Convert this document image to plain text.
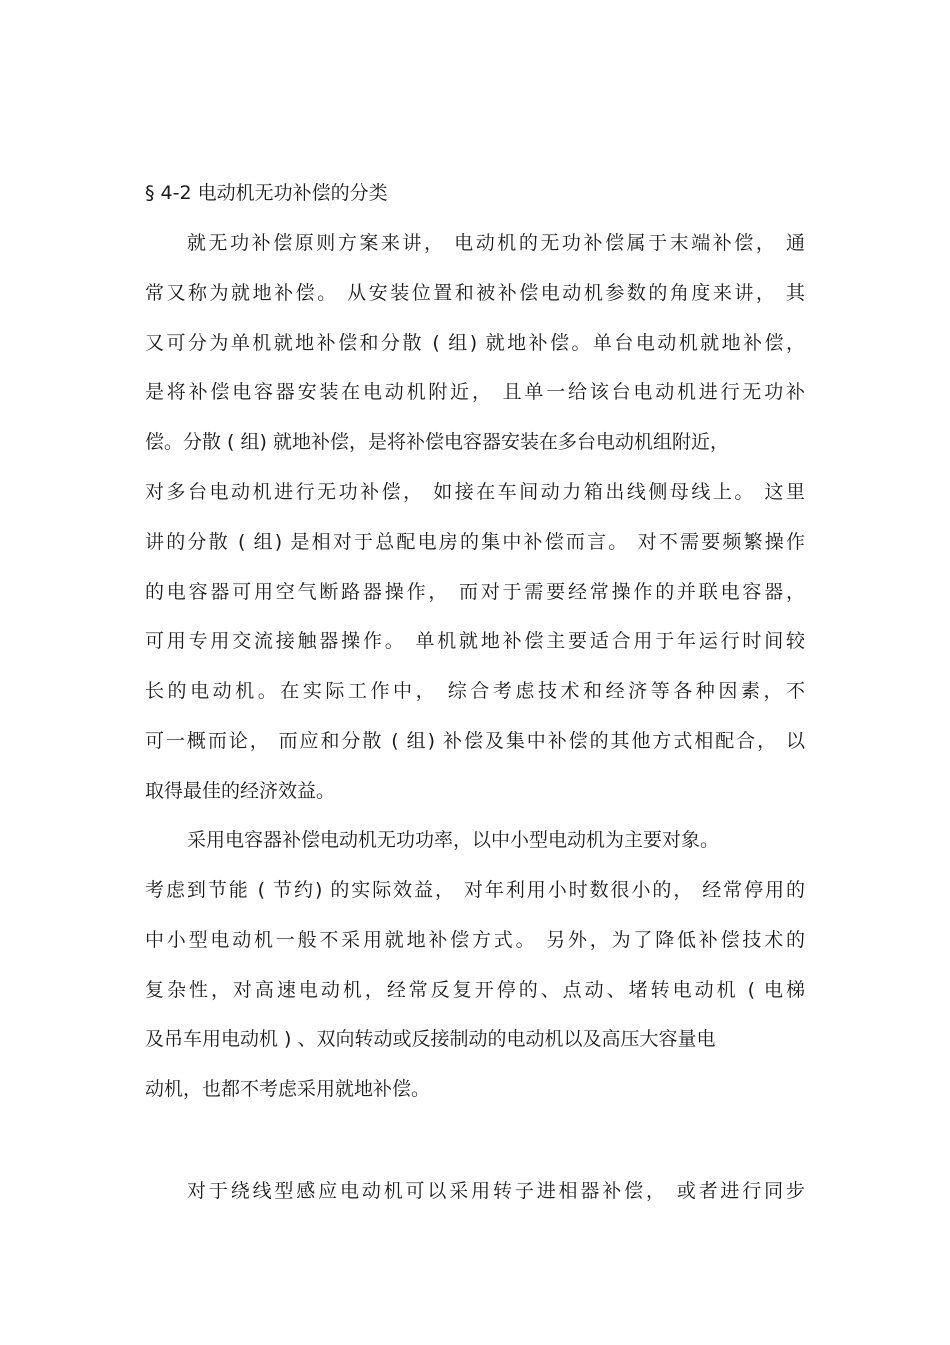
§ 4-2 电动机无功补偿的分类
就无功补偿原则方案来讲， 电动机的无功补偿属于末端补偿， 通
常又称为就地补偿。 从安装位置和被补偿电动机参数的角度来讲， 其
又可分为单机就地补偿和分散 ( 组) 就地补偿。单台电动机就地补偿，
是将补偿电容器安装在电动机附近， 且单一给该台电动机进行无功补
偿。分散 ( 组) 就地补偿，是将补偿电容器安装在多台电动机组附近，
对多台电动机进行无功补偿， 如接在车间动力箱出线侧母线上。 这里
讲的分散 ( 组) 是相对于总配电房的集中补偿而言。 对不需要频繁操作
的电容器可用空气断路器操作， 而对于需要经常操作的并联电容器，
可用专用交流接触器操作。 单机就地补偿主要适合用于年运行时间较
长的电动机。在实际工作中， 综合考虑技术和经济等各种因素，不
可一概而论， 而应和分散 ( 组) 补偿及集中补偿的其他方式相配合， 以
取得最佳的经济效益。
采用电容器补偿电动机无功功率，以中小型电动机为主要对象。
考虑到节能 ( 节约) 的实际效益， 对年利用小时数很小的， 经常停用的
中小型电动机一般不采用就地补偿方式。 另外，为了降低补偿技术的
复杂性，对高速电动机，经常反复开停的、点动、堵转电动机 ( 电梯
及吊车用电动机 ) 、双向转动或反接制动的电动机以及高压大容量电
动机，也都不考虑采用就地补偿。
对于绕线型感应电动机可以采用转子进相器补偿， 或者进行同步
